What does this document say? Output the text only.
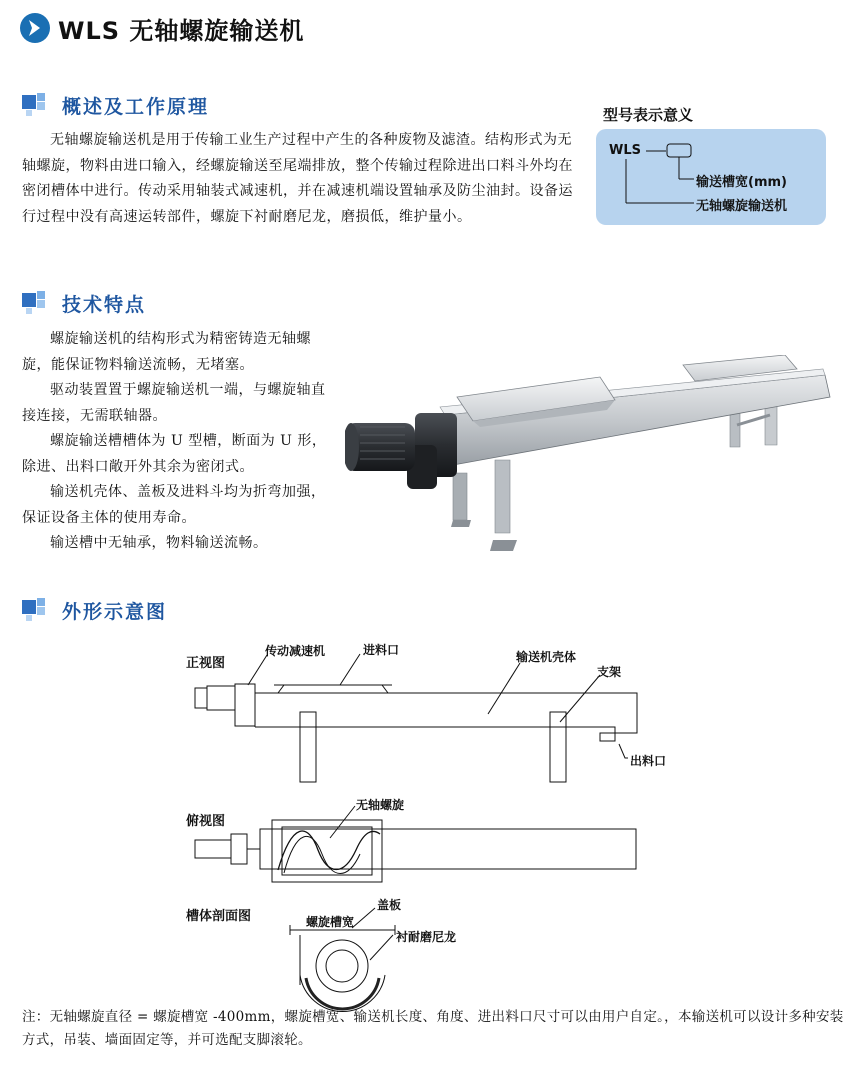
WLS 无轴螺旋输送机
概述及工作原理

无轴螺旋输送机是用于传输工业生产过程中产生的各种废物及滤渣。结构形式为无轴螺旋，物料由进口输入，经螺旋输送至尾端排放，整个传输过程除进出口料斗外均在密闭槽体中进行。传动采用轴装式减速机，并在减速机端设置轴承及防尘油封。设备运行过程中没有高速运转部件，螺旋下衬耐磨尼龙，磨损低，维护量小。

型号表示意义
WLS
输送槽宽(mm)
无轴螺旋输送机
技术特点

螺旋输送机的结构形式为精密铸造无轴螺旋，能保证物料输送流畅，无堵塞。

驱动装置置于螺旋输送机一端，与螺旋轴直接连接，无需联轴器。

螺旋输送槽槽体为 U 型槽，断面为 U 形，除进、出料口敞开外其余为密闭式。

输送机壳体、盖板及进料斗均为折弯加强，保证设备主体的使用寿命。

输送槽中无轴承，物料输送流畅。

外形示意图
正视图
传动减速机	进料口	输送机壳体
支架
出料口
俯视图
无轴螺旋
槽体剖面图
盖板
螺旋槽宽
衬耐磨尼龙
注：无轴螺旋直径 = 螺旋槽宽 -400mm，螺旋槽宽、输送机长度、角度、进出料口尺寸可以由用户自定。，本输送机可以设计多种安装方式，吊装、墙面固定等，并可选配支脚滚轮。
